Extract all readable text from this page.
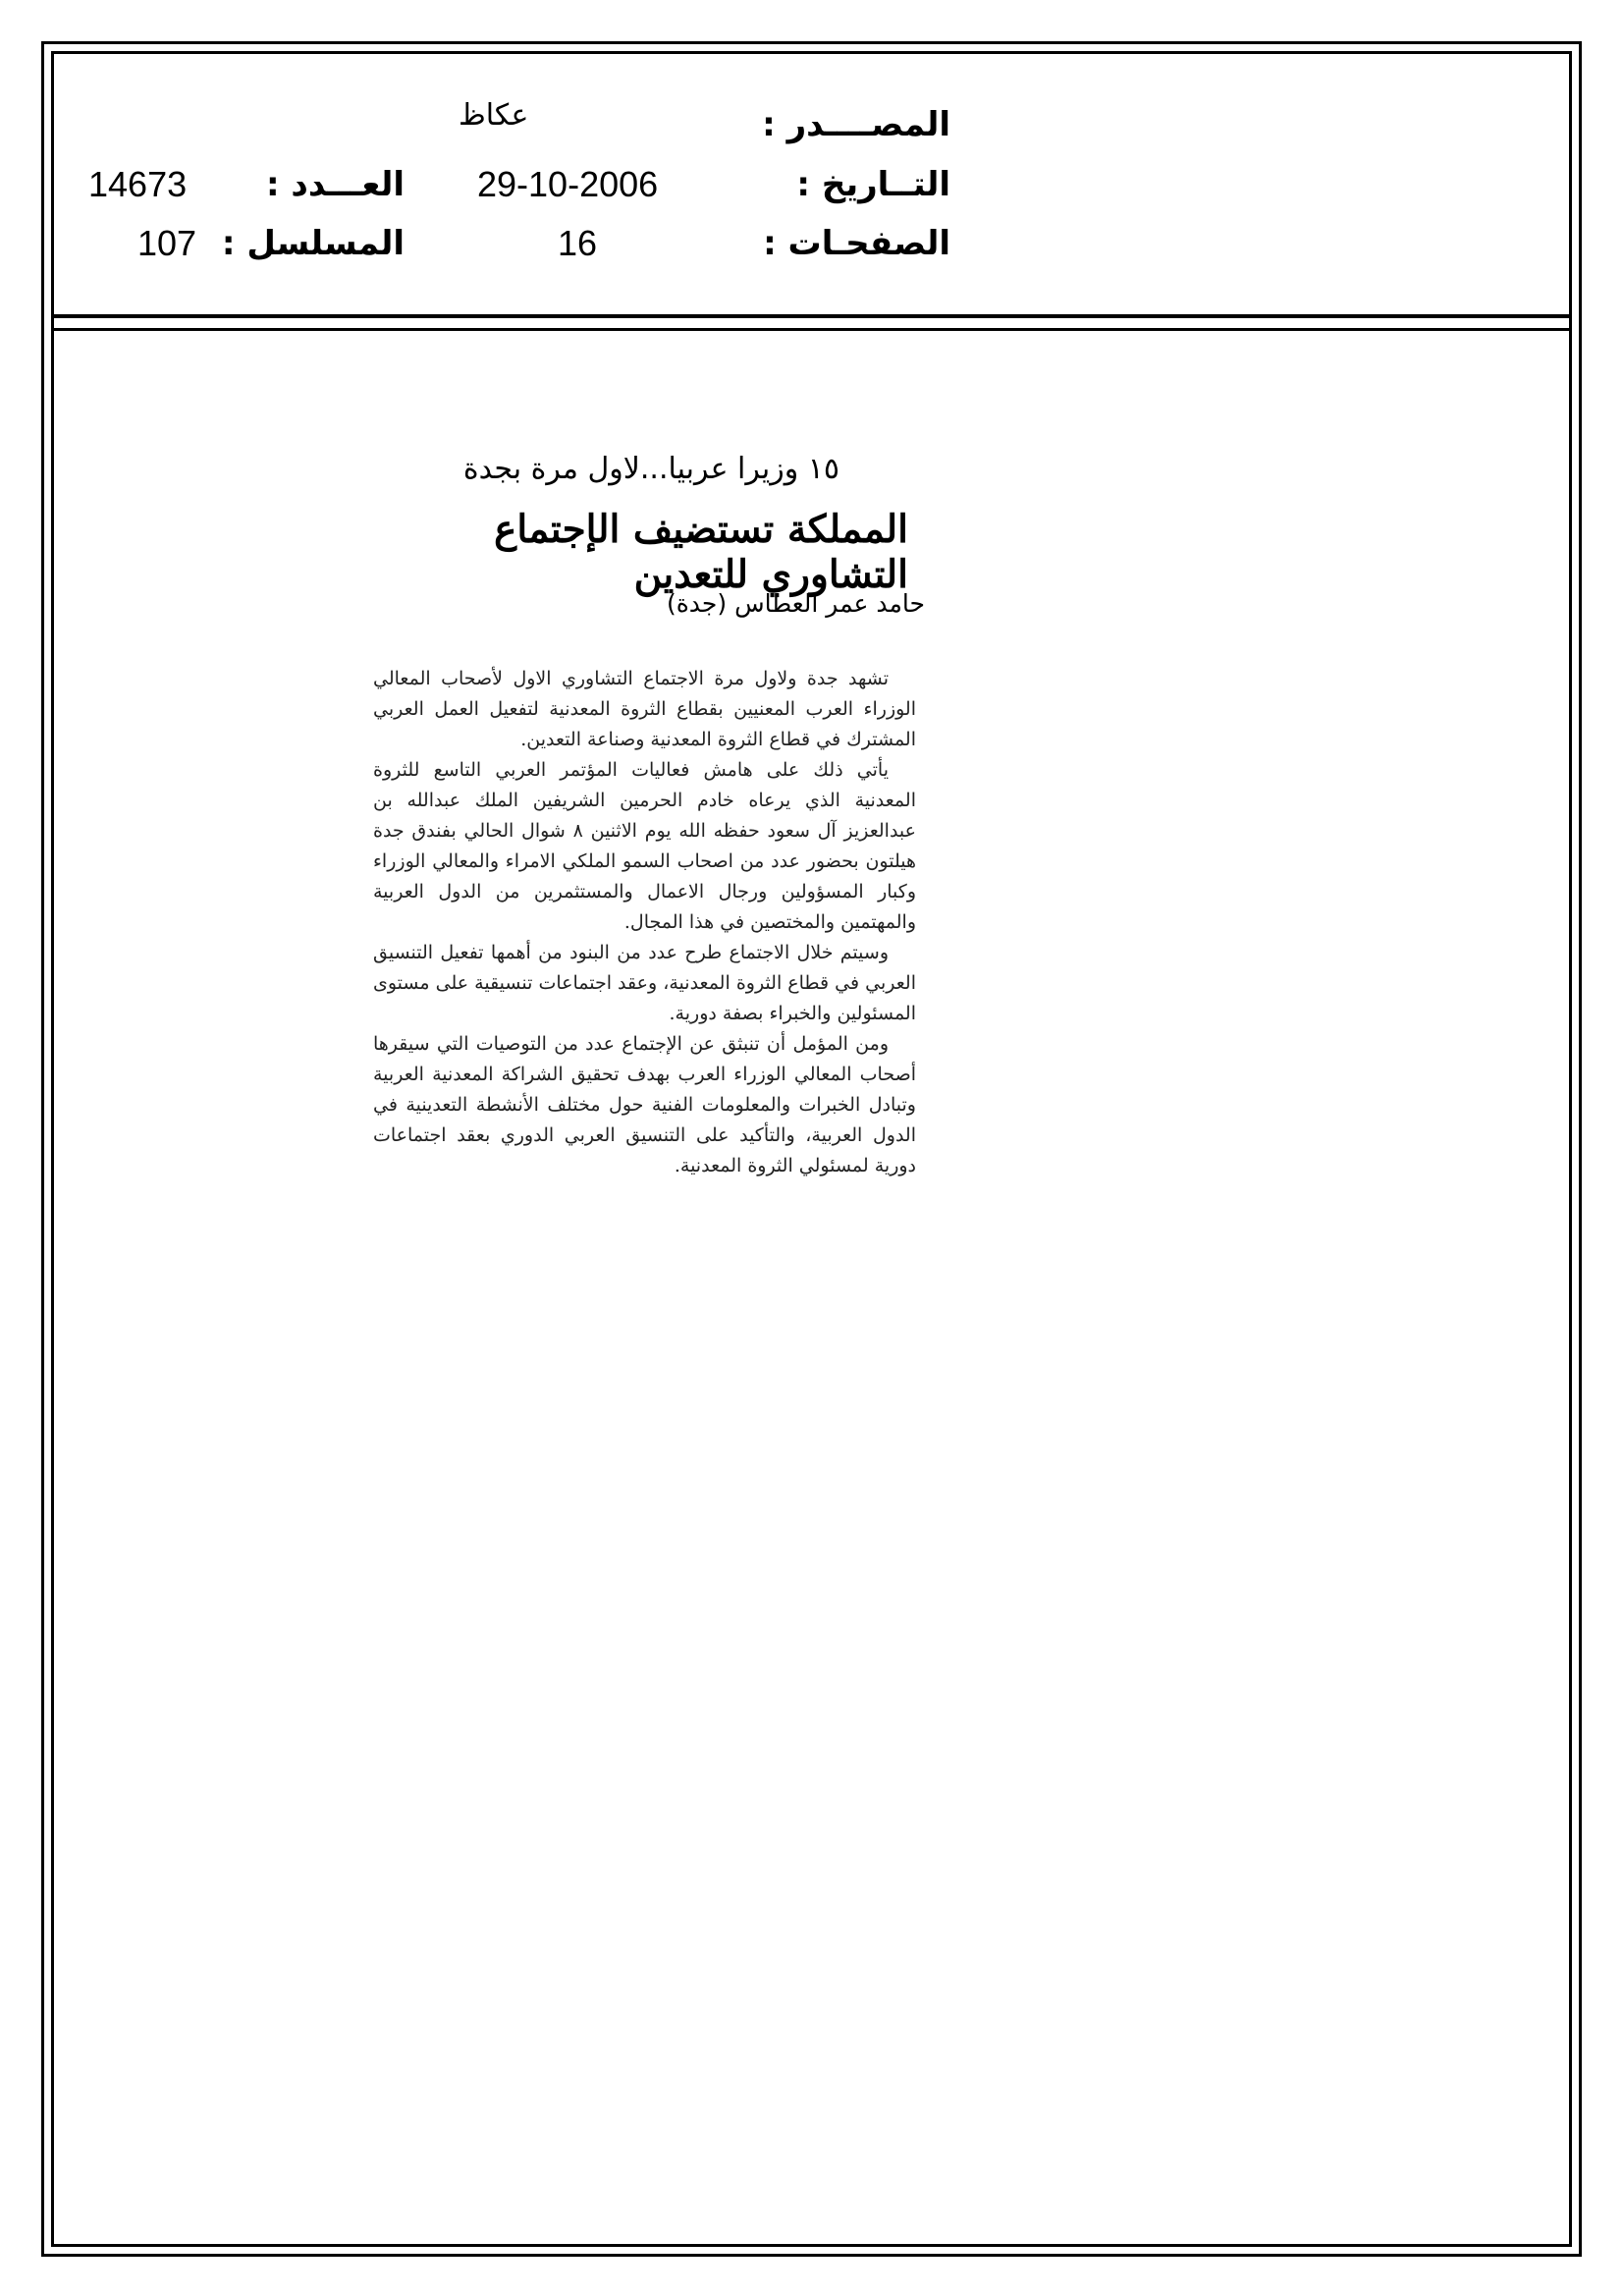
المصــــدر :
عكاظ
التــاريخ :
29-10-2006
العـــدد :
14673
الصفحـات :
16
المسلسل :
107
١٥ وزيرا عربيا...لاول مرة بجدة
المملكة تستضيف الإجتماع التشاوري للتعدين
حامد عمر العطاس (جدة)

تشهد جدة ولاول مرة الاجتماع التشاوري الاول لأصحاب المعالي الوزراء العرب المعنيين بقطاع الثروة المعدنية لتفعيل العمل العربي المشترك في قطاع الثروة المعدنية وصناعة التعدين.

يأتي ذلك على هامش فعاليات المؤتمر العربي التاسع للثروة المعدنية الذي يرعاه خادم الحرمين الشريفين الملك عبدالله بن عبدالعزيز آل سعود حفظه الله يوم الاثنين ٨ شوال الحالي بفندق جدة هيلتون بحضور عدد من اصحاب السمو الملكي الامراء والمعالي الوزراء وكبار المسؤولين ورجال الاعمال والمستثمرين من الدول العربية والمهتمين والمختصين في هذا المجال.

وسيتم خلال الاجتماع طرح عدد من البنود من أهمها تفعيل التنسيق العربي في قطاع الثروة المعدنية، وعقد اجتماعات تنسيقية على مستوى المسئولين والخبراء بصفة دورية.

ومن المؤمل أن تنبثق عن الإجتماع عدد من التوصيات التي سيقرها أصحاب المعالي الوزراء العرب بهدف تحقيق الشراكة المعدنية العربية وتبادل الخبرات والمعلومات الفنية حول مختلف الأنشطة التعدينية في الدول العربية، والتأكيد على التنسيق العربي الدوري بعقد اجتماعات دورية لمسئولي الثروة المعدنية.
